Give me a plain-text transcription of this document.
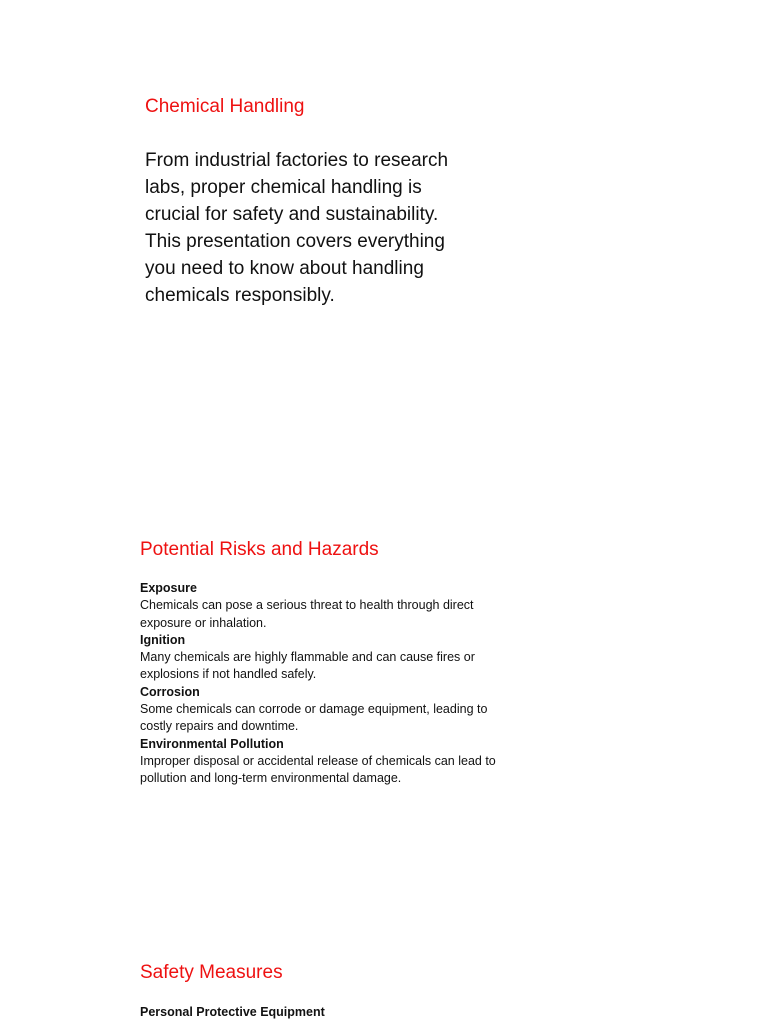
Chemical Handling

From industrial factories to research labs, proper chemical handling is crucial for safety and sustainability. This presentation covers everything you need to know about handling chemicals responsibly.

Potential Risks and Hazards

Exposure

Chemicals can pose a serious threat to health through direct exposure or inhalation.

Ignition

Many chemicals are highly flammable and can cause fires or explosions if not handled safely.

Corrosion

Some chemicals can corrode or damage equipment, leading to costly repairs and downtime.

Environmental Pollution

Improper disposal or accidental release of chemicals can lead to pollution and long-term environmental damage.

Safety Measures

Personal Protective Equipment
